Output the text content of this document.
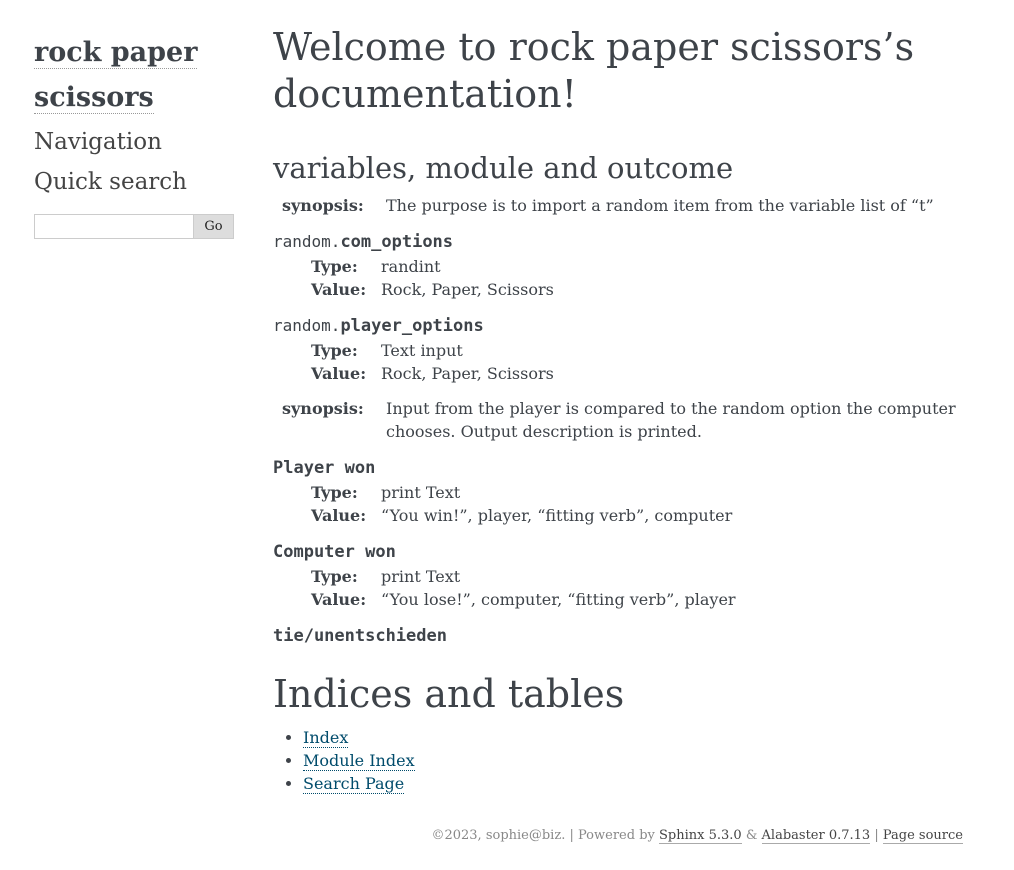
rock paper
scissors
Navigation
Quick search
Go
Welcome to rock paper scissors’s documentation!
variables, module and outcome
synopsis:	The purpose is to import a random item from the variable list of “t”
random.com_options
Type:	randint
Value: Rock, Paper, Scissors
random.player_options
Type:	Text input
Value: Rock, Paper, Scissors
synopsis:	Input from the player is compared to the random option the computer chooses. Output description is printed.
Player won
Type:	print Text
Value: “You win!”, player, “fitting verb”, computer
Computer won
Type:	print Text
Value: “You lose!”, computer, “fitting verb”, player
tie/unentschieden
Indices and tables
• Index
• Module Index
• Search Page
©2023, sophie@biz. | Powered by Sphinx 5.3.0 & Alabaster 0.7.13 | Page source
